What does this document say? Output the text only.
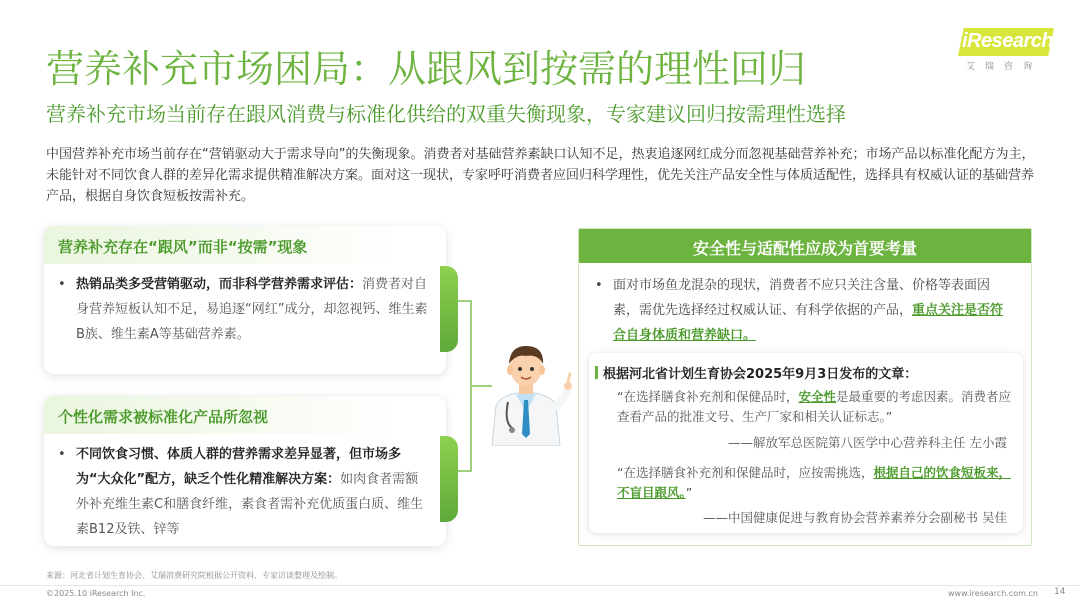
营养补充市场困局：从跟风到按需的理性回归
营养补充市场当前存在跟风消费与标准化供给的双重失衡现象，专家建议回归按需理性选择
中国营养补充市场当前存在“营销驱动大于需求导向”的失衡现象。消费者对基础营养素缺口认知不足，热衷追逐网红成分而忽视基础营养补充；市场产品以标准化配方为主，未能针对不同饮食人群的差异化需求提供精准解决方案。面对这一现状，专家呼吁消费者应回归科学理性，优先关注产品安全性与体质适配性，选择具有权威认证的基础营养产品，根据自身饮食短板按需补充。
iResearch
艾瑞咨询
营养补充存在“跟风”而非“按需”现象
• 热销品类多受营销驱动，而非科学营养需求评估：消费者对自身营养短板认知不足，易追逐“网红”成分，却忽视钙、维生素B族、维生素A等基础营养素。
个性化需求被标准化产品所忽视
• 不同饮食习惯、体质人群的营养需求差异显著，但市场多为“大众化”配方，缺乏个性化精准解决方案：如肉食者需额外补充维生素C和膳食纤维，素食者需补充优质蛋白质、维生素B12及铁、锌等
安全性与适配性应成为首要考量
• 面对市场鱼龙混杂的现状，消费者不应只关注含量、价格等表面因素，需优先选择经过权威认证、有科学依据的产品，重点关注是否符合自身体质和营养缺口。
根据河北省计划生育协会2025年9月3日发布的文章：
“在选择膳食补充剂和保健品时，安全性是最重要的考虑因素。消费者应查看产品的批准文号、生产厂家和相关认证标志。”
——解放军总医院第八医学中心营养科主任 左小霞
“在选择膳食补充剂和保健品时，应按需挑选，根据自己的饮食短板来，不盲目跟风。”
——中国健康促进与教育协会营养素养分会副秘书 吴佳
来源：河北省计划生育协会、艾瑞消费研究院根据公开资料、专家访谈整理及绘制。
©2025.10 iResearch Inc.	www.iresearch.com.cn 14
